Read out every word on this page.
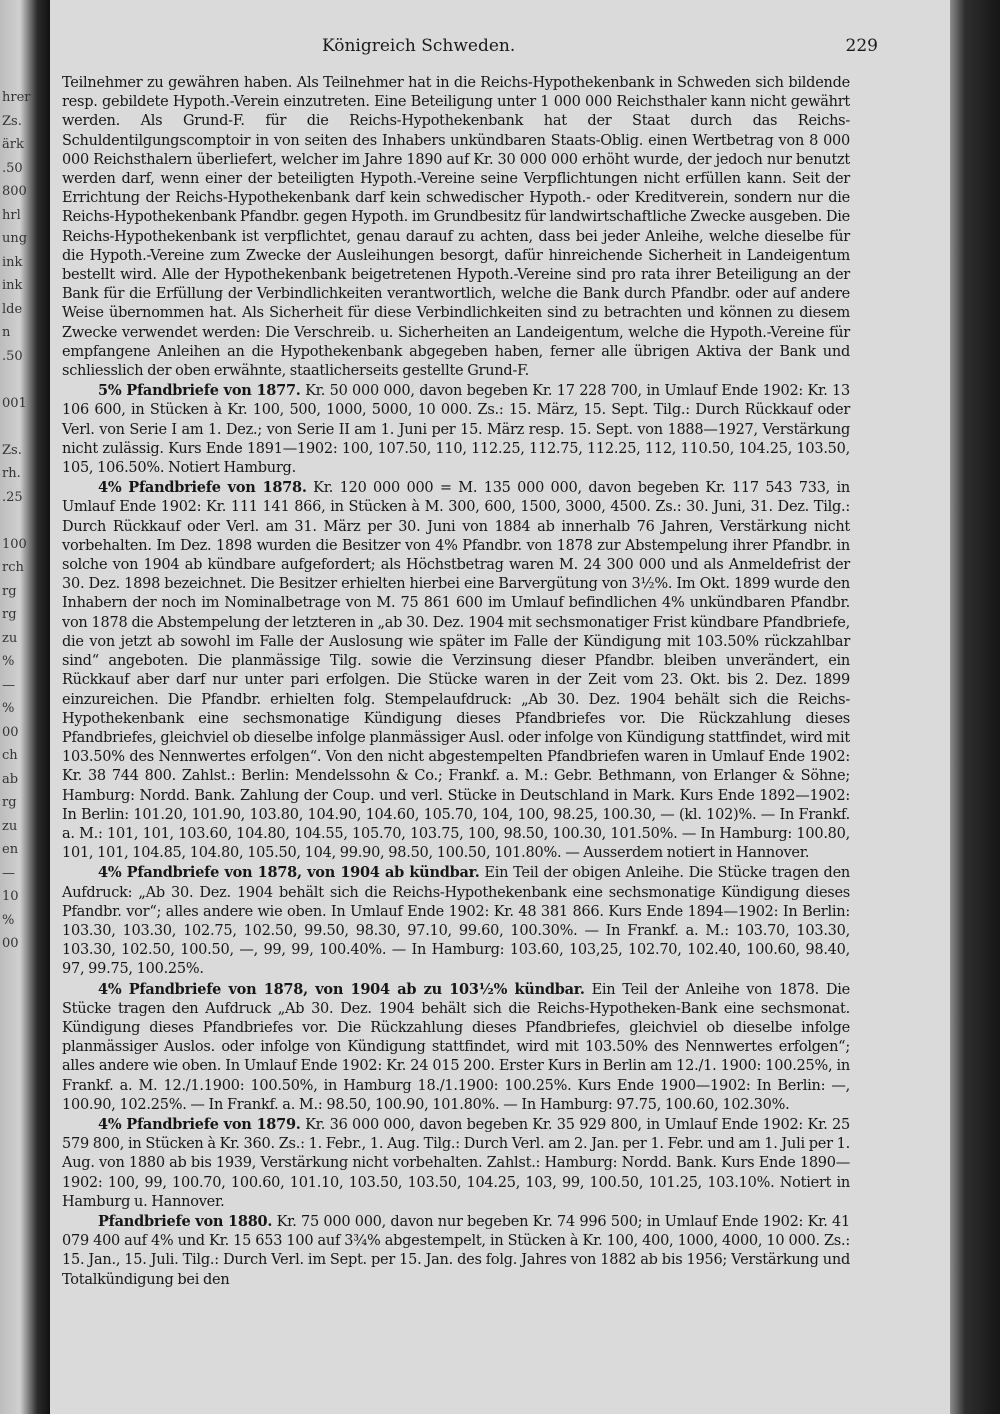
hrer
Zs.
ärk
.50
800
hrl
ung
ink
ink
lde
n
.50
001
Zs.
rh.
.25
100
rch
rg
rg
zu
%
—
%
00
ch
ab
rg
zu
en
—
10
%
00
Königreich Schweden.	229

Teilnehmer zu gewähren haben. Als Teilnehmer hat in die Reichs-Hypothekenbank in Schweden sich bildende resp. gebildete Hypoth.-Verein einzutreten. Eine Beteiligung unter 1 000 000 Reichsthaler kann nicht gewährt werden. Als Grund-F. für die Reichs-Hypothekenbank hat der Staat durch das Reichs-Schuldentilgungscomptoir in von seiten des Inhabers unkündbaren Staats-Oblig. einen Wertbetrag von 8 000 000 Reichsthalern überliefert, welcher im Jahre 1890 auf Kr. 30 000 000 erhöht wurde, der jedoch nur benutzt werden darf, wenn einer der beteiligten Hypoth.-Vereine seine Verpflichtungen nicht erfüllen kann. Seit der Errichtung der Reichs-Hypothekenbank darf kein schwedischer Hypoth.- oder Kreditverein, sondern nur die Reichs-Hypothekenbank Pfandbr. gegen Hypoth. im Grundbesitz für landwirtschaftliche Zwecke ausgeben. Die Reichs-Hypothekenbank ist verpflichtet, genau darauf zu achten, dass bei jeder Anleihe, welche dieselbe für die Hypoth.-Vereine zum Zwecke der Ausleihungen besorgt, dafür hinreichende Sicherheit in Landeigentum bestellt wird. Alle der Hypothekenbank beigetretenen Hypoth.-Vereine sind pro rata ihrer Beteiligung an der Bank für die Erfüllung der Verbindlichkeiten verantwortlich, welche die Bank durch Pfandbr. oder auf andere Weise übernommen hat. Als Sicherheit für diese Verbindlichkeiten sind zu betrachten und können zu diesem Zwecke verwendet werden: Die Verschreib. u. Sicherheiten an Landeigentum, welche die Hypoth.-Vereine für empfangene Anleihen an die Hypothekenbank abgegeben haben, ferner alle übrigen Aktiva der Bank und schliesslich der oben erwähnte, staatlicherseits gestellte Grund-F.

5% Pfandbriefe von 1877. Kr. 50 000 000, davon begeben Kr. 17 228 700, in Umlauf Ende 1902: Kr. 13 106 600, in Stücken à Kr. 100, 500, 1000, 5000, 10 000. Zs.: 15. März, 15. Sept. Tilg.: Durch Rückkauf oder Verl. von Serie I am 1. Dez.; von Serie II am 1. Juni per 15. März resp. 15. Sept. von 1888—1927, Verstärkung nicht zulässig. Kurs Ende 1891—1902: 100, 107.50, 110, 112.25, 112.75, 112.25, 112, 110.50, 104.25, 103.50, 105, 106.50%. Notiert Hamburg.

4% Pfandbriefe von 1878. Kr. 120 000 000 = M. 135 000 000, davon begeben Kr. 117 543 733, in Umlauf Ende 1902: Kr. 111 141 866, in Stücken à M. 300, 600, 1500, 3000, 4500. Zs.: 30. Juni, 31. Dez. Tilg.: Durch Rückkauf oder Verl. am 31. März per 30. Juni von 1884 ab innerhalb 76 Jahren, Verstärkung nicht vorbehalten. Im Dez. 1898 wurden die Besitzer von 4% Pfandbr. von 1878 zur Abstempelung ihrer Pfandbr. in solche von 1904 ab kündbare aufgefordert; als Höchstbetrag waren M. 24 300 000 und als Anmeldefrist der 30. Dez. 1898 bezeichnet. Die Besitzer erhielten hierbei eine Barvergütung von 3½%. Im Okt. 1899 wurde den Inhabern der noch im Nominalbetrage von M. 75 861 600 im Umlauf befindlichen 4% unkündbaren Pfandbr. von 1878 die Abstempelung der letzteren in „ab 30. Dez. 1904 mit sechsmonatiger Frist kündbare Pfandbriefe, die von jetzt ab sowohl im Falle der Auslosung wie später im Falle der Kündigung mit 103.50% rückzahlbar sind“ angeboten. Die planmässige Tilg. sowie die Verzinsung dieser Pfandbr. bleiben unverändert, ein Rückkauf aber darf nur unter pari erfolgen. Die Stücke waren in der Zeit vom 23. Okt. bis 2. Dez. 1899 einzureichen. Die Pfandbr. erhielten folg. Stempelaufdruck: „Ab 30. Dez. 1904 behält sich die Reichs-Hypothekenbank eine sechsmonatige Kündigung dieses Pfandbriefes vor. Die Rückzahlung dieses Pfandbriefes, gleichviel ob dieselbe infolge planmässiger Ausl. oder infolge von Kündigung stattfindet, wird mit 103.50% des Nennwertes erfolgen“. Von den nicht abgestempelten Pfandbriefen waren in Umlauf Ende 1902: Kr. 38 744 800. Zahlst.: Berlin: Mendelssohn & Co.; Frankf. a. M.: Gebr. Bethmann, von Erlanger & Söhne; Hamburg: Nordd. Bank. Zahlung der Coup. und verl. Stücke in Deutschland in Mark. Kurs Ende 1892—1902: In Berlin: 101.20, 101.90, 103.80, 104.90, 104.60, 105.70, 104, 100, 98.25, 100.30, — (kl. 102)%. — In Frankf. a. M.: 101, 101, 103.60, 104.80, 104.55, 105.70, 103.75, 100, 98.50, 100.30, 101.50%. — In Hamburg: 100.80, 101, 101, 104.85, 104.80, 105.50, 104, 99.90, 98.50, 100.50, 101.80%. — Ausserdem notiert in Hannover.

4% Pfandbriefe von 1878, von 1904 ab kündbar. Ein Teil der obigen Anleihe. Die Stücke tragen den Aufdruck: „Ab 30. Dez. 1904 behält sich die Reichs-Hypothekenbank eine sechsmonatige Kündigung dieses Pfandbr. vor“; alles andere wie oben. In Umlauf Ende 1902: Kr. 48 381 866. Kurs Ende 1894—1902: In Berlin: 103.30, 103.30, 102.75, 102.50, 99.50, 98.30, 97.10, 99.60, 100.30%. — In Frankf. a. M.: 103.70, 103.30, 103.30, 102.50, 100.50, —, 99, 99, 100.40%. — In Hamburg: 103.60, 103,25, 102.70, 102.40, 100.60, 98.40, 97, 99.75, 100.25%.

4% Pfandbriefe von 1878, von 1904 ab zu 103½% kündbar. Ein Teil der Anleihe von 1878. Die Stücke tragen den Aufdruck „Ab 30. Dez. 1904 behält sich die Reichs-Hypotheken-Bank eine sechsmonat. Kündigung dieses Pfandbriefes vor. Die Rückzahlung dieses Pfandbriefes, gleichviel ob dieselbe infolge planmässiger Auslos. oder infolge von Kündigung stattfindet, wird mit 103.50% des Nennwertes erfolgen“; alles andere wie oben. In Umlauf Ende 1902: Kr. 24 015 200. Erster Kurs in Berlin am 12./1. 1900: 100.25%, in Frankf. a. M. 12./1.1900: 100.50%, in Hamburg 18./1.1900: 100.25%. Kurs Ende 1900—1902: In Berlin: —, 100.90, 102.25%. — In Frankf. a. M.: 98.50, 100.90, 101.80%. — In Hamburg: 97.75, 100.60, 102.30%.

4% Pfandbriefe von 1879. Kr. 36 000 000, davon begeben Kr. 35 929 800, in Umlauf Ende 1902: Kr. 25 579 800, in Stücken à Kr. 360. Zs.: 1. Febr., 1. Aug. Tilg.: Durch Verl. am 2. Jan. per 1. Febr. und am 1. Juli per 1. Aug. von 1880 ab bis 1939, Verstärkung nicht vorbehalten. Zahlst.: Hamburg: Nordd. Bank. Kurs Ende 1890—1902: 100, 99, 100.70, 100.60, 101.10, 103.50, 103.50, 104.25, 103, 99, 100.50, 101.25, 103.10%. Notiert in Hamburg u. Hannover.

Pfandbriefe von 1880. Kr. 75 000 000, davon nur begeben Kr. 74 996 500; in Umlauf Ende 1902: Kr. 41 079 400 auf 4% und Kr. 15 653 100 auf 3¾% abgestempelt, in Stücken à Kr. 100, 400, 1000, 4000, 10 000. Zs.: 15. Jan., 15. Juli. Tilg.: Durch Verl. im Sept. per 15. Jan. des folg. Jahres von 1882 ab bis 1956; Verstärkung und Totalkündigung bei den
